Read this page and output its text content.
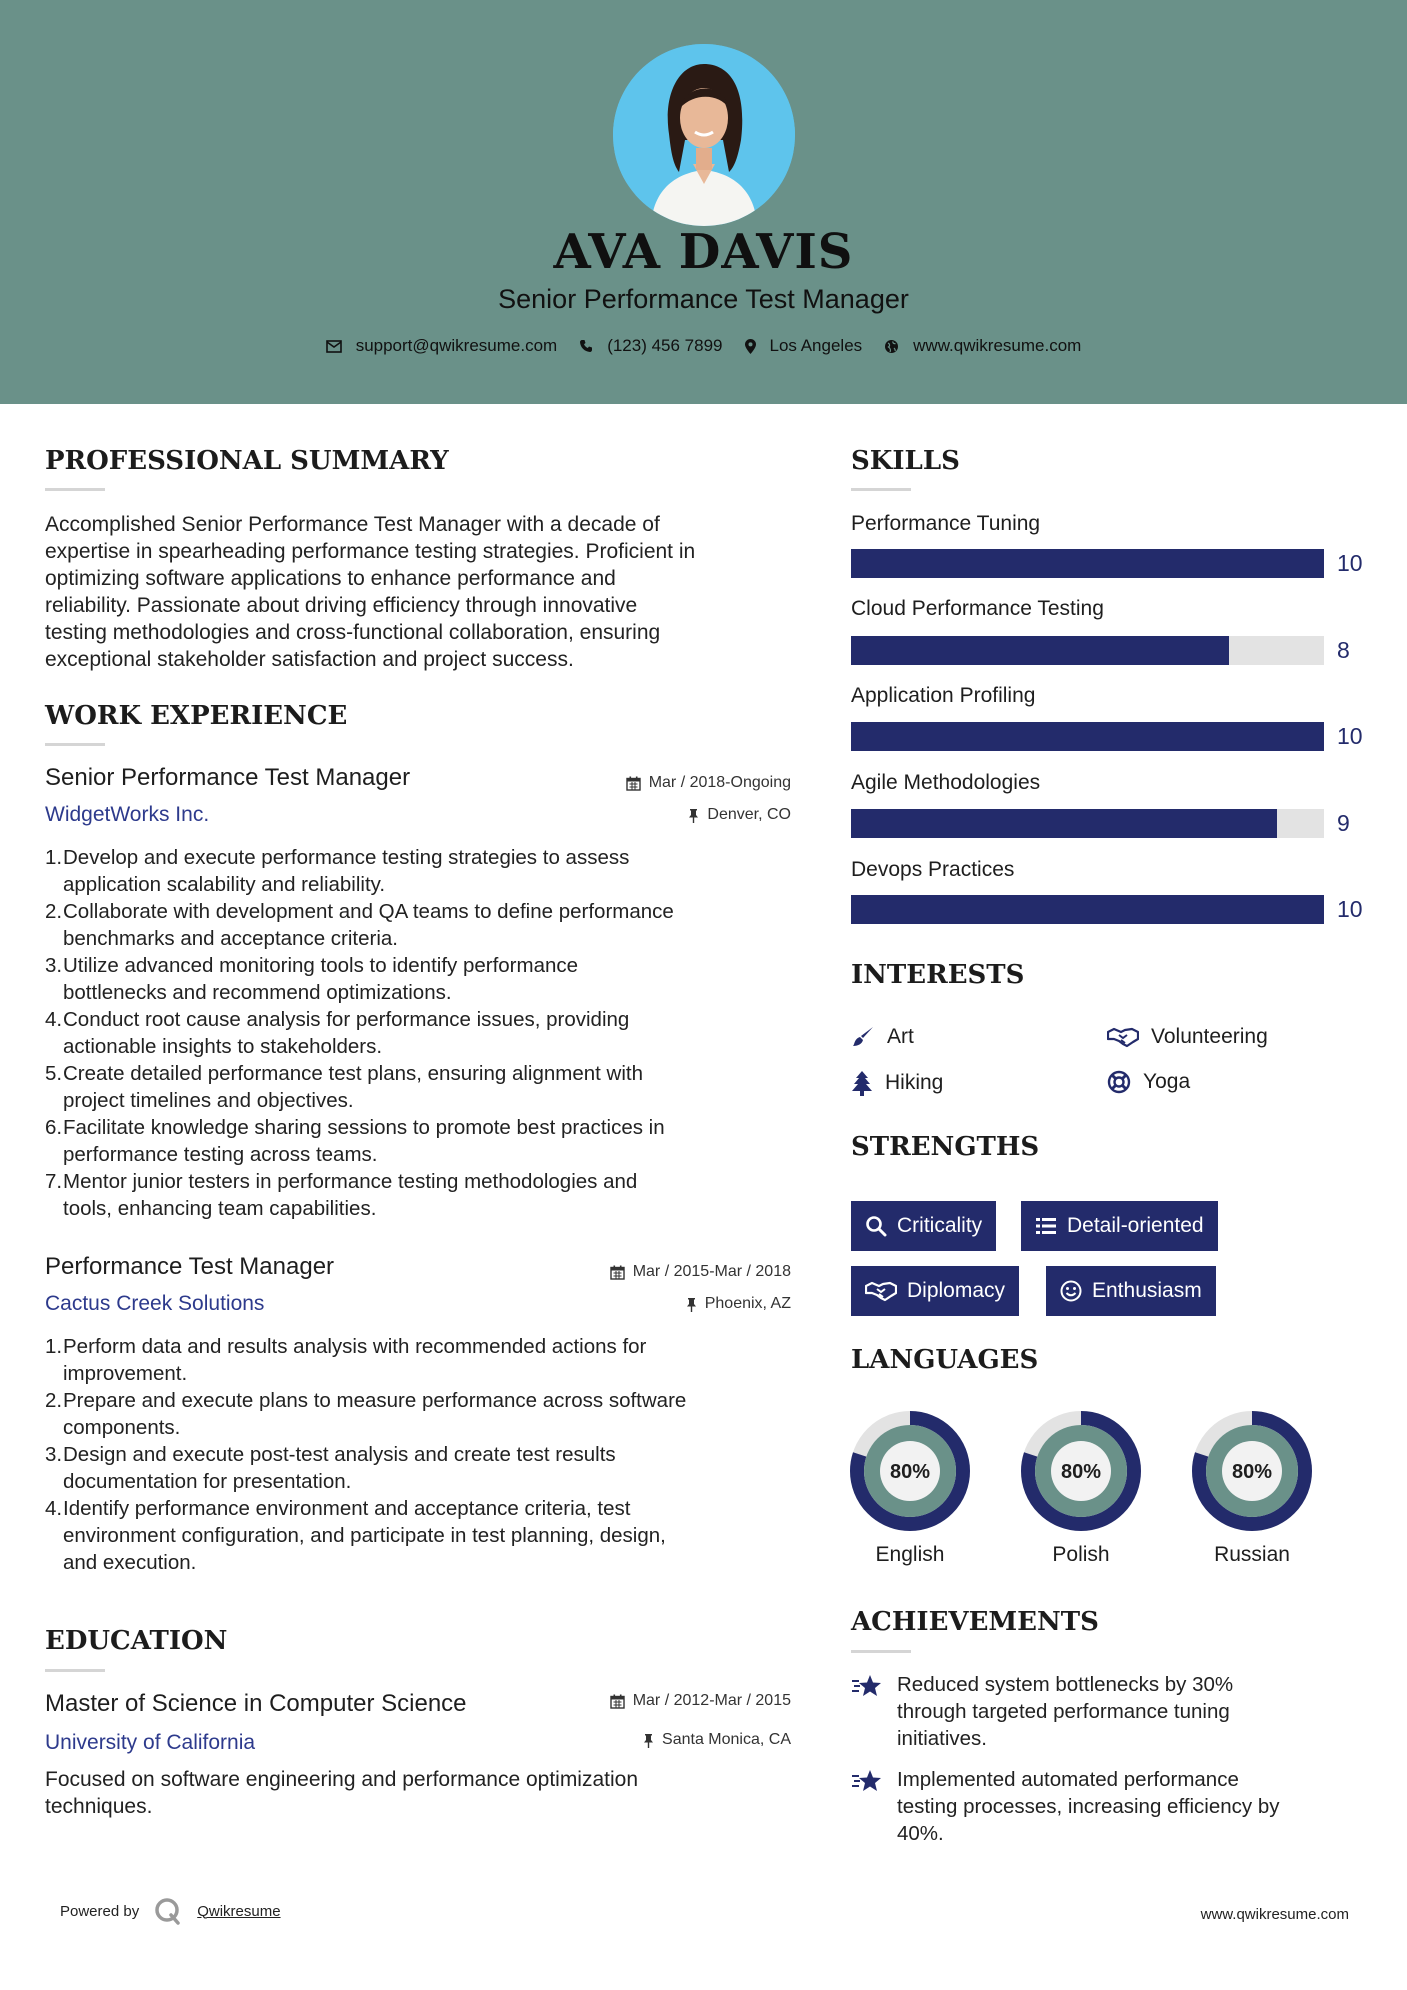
AVA DAVIS
Senior Performance Test Manager
support@qwikresume.com	(123) 456 7899	Los Angeles	www.qwikresume.com
PROFESSIONAL SUMMARY
Accomplished Senior Performance Test Manager with a decade of
expertise in spearheading performance testing strategies. Proficient in
optimizing software applications to enhance performance and
reliability. Passionate about driving efficiency through innovative
testing methodologies and cross-functional collaboration, ensuring
exceptional stakeholder satisfaction and project success.
WORK EXPERIENCE
Senior Performance Test Manager	Mar / 2018-Ongoing
WidgetWorks Inc.	Denver, CO
1. Develop and execute performance testing strategies to assess
application scalability and reliability.
2. Collaborate with development and QA teams to define performance
benchmarks and acceptance criteria.
3. Utilize advanced monitoring tools to identify performance
bottlenecks and recommend optimizations.
4. Conduct root cause analysis for performance issues, providing
actionable insights to stakeholders.
5. Create detailed performance test plans, ensuring alignment with
project timelines and objectives.
6. Facilitate knowledge sharing sessions to promote best practices in
performance testing across teams.
7. Mentor junior testers in performance testing methodologies and
tools, enhancing team capabilities.
Performance Test Manager	Mar / 2015-Mar / 2018
Cactus Creek Solutions	Phoenix, AZ
1. Perform data and results analysis with recommended actions for
improvement.
2. Prepare and execute plans to measure performance across software
components.
3. Design and execute post-test analysis and create test results
documentation for presentation.
4. Identify performance environment and acceptance criteria, test
environment configuration, and participate in test planning, design,
and execution.
EDUCATION
Master of Science in Computer Science	Mar / 2012-Mar / 2015
University of California	Santa Monica, CA
Focused on software engineering and performance optimization
techniques.
SKILLS
Performance Tuning
10
Cloud Performance Testing
8
Application Profiling
10
Agile Methodologies
9
Devops Practices
10
INTERESTS
Art	Volunteering
Hiking	Yoga
STRENGTHS
Criticality	Detail-oriented
Diplomacy	Enthusiasm
LANGUAGES
80%
English
80%
Polish
80%
Russian
ACHIEVEMENTS
Reduced system bottlenecks by 30%
through targeted performance tuning
initiatives.
Implemented automated performance
testing processes, increasing efficiency by
40%.
Powered by	Qwikresume	www.qwikresume.com
